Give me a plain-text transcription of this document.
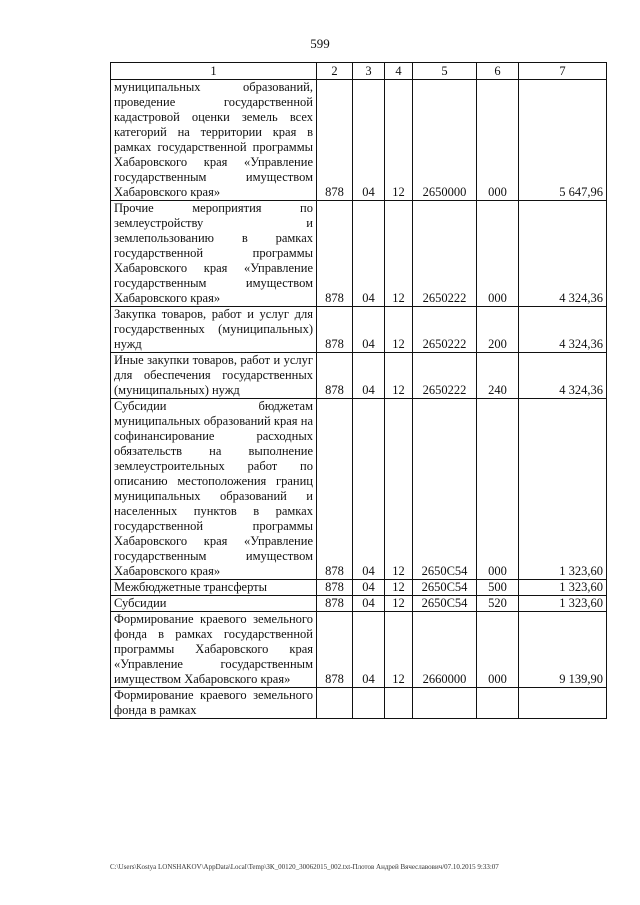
599
1	2	3	4	5	6	7
муниципальных образований, проведение государственной кадастровой оценки земель всех категорий на территории края в рамках государственной программы Хабаровского края «Управление государственным имуществом Хабаровского края»	878	04	12	2650000	000	5 647,96
Прочие мероприятия по землеустройству и землепользованию в рамках государственной программы Хабаровского края «Управление государственным имуществом Хабаровского края»	878	04	12	2650222	000	4 324,36
Закупка товаров, работ и услуг для государственных (муниципальных) нужд	878	04	12	2650222	200	4 324,36
Иные закупки товаров, работ и услуг для обеспечения государственных (муниципальных) нужд	878	04	12	2650222	240	4 324,36
Субсидии бюджетам муниципальных образований края на софинансирование расходных обязательств на выполнение землеустроительных работ по описанию местоположения границ муниципальных образований и населенных пунктов в рамках государственной программы Хабаровского края «Управление государственным имуществом Хабаровского края»	878	04	12	2650С54	000	1 323,60
Межбюджетные трансферты	878	04	12	2650С54	500	1 323,60
Субсидии	878	04	12	2650С54	520	1 323,60
Формирование краевого земельного фонда в рамках государственной программы Хабаровского края «Управление государственным имуществом Хабаровского края»	878	04	12	2660000	000	9 139,90
Формирование краевого земельного фонда в рамках						
C:\Users\Kostya LONSHAKOV\AppData\Local\Temp\ЗК_00120_30062015_002.txt-Плотов Андрей Вячеславович/07.10.2015 9:33:07
